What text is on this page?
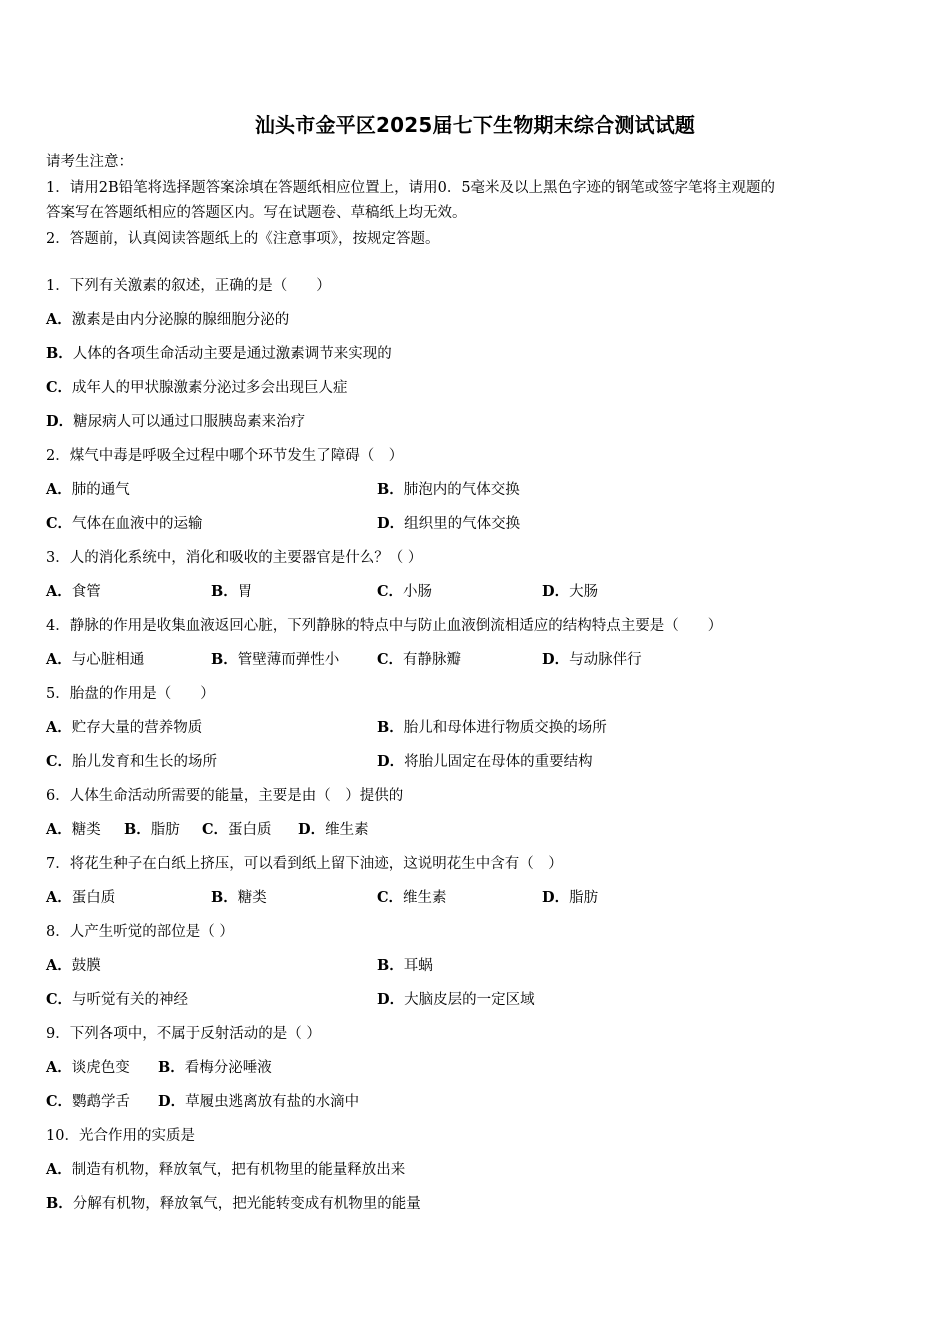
汕头市金平区2025届七下生物期末综合测试试题
请考生注意：
1．请用2B铅笔将选择题答案涂填在答题纸相应位置上，请用0．5毫米及以上黑色字迹的钢笔或签字笔将主观题的
答案写在答题纸相应的答题区内。写在试题卷、草稿纸上均无效。
2．答题前，认真阅读答题纸上的《注意事项》，按规定答题。
1．下列有关激素的叙述，正确的是（　　）
A．激素是由内分泌腺的腺细胞分泌的
B．人体的各项生命活动主要是通过激素调节来实现的
C．成年人的甲状腺激素分泌过多会出现巨人症
D．糖尿病人可以通过口服胰岛素来治疗
2．煤气中毒是呼吸全过程中哪个环节发生了障碍（　）
A．肺的通气	B．肺泡内的气体交换
C．气体在血液中的运输	D．组织里的气体交换
3．人的消化系统中，消化和吸收的主要器官是什么？（ ）
A．食管	B．胃	C．小肠	D．大肠
4．静脉的作用是收集血液返回心脏，下列静脉的特点中与防止血液倒流相适应的结构特点主要是（　　）
A．与心脏相通	B．管壁薄而弹性小	C．有静脉瓣	D．与动脉伴行
5．胎盘的作用是（　　）
A．贮存大量的营养物质	B．胎儿和母体进行物质交换的场所
C．胎儿发育和生长的场所	D．将胎儿固定在母体的重要结构
6．人体生命活动所需要的能量，主要是由（　）提供的
A．糖类 B．脂肪 C．蛋白质 D．维生素
7．将花生种子在白纸上挤压，可以看到纸上留下油迹，这说明花生中含有（　）
A．蛋白质	B．糖类	C．维生素	D．脂肪
8．人产生听觉的部位是（ ）
A．鼓膜	B．耳蜗
C．与听觉有关的神经	D．大脑皮层的一定区域
9．下列各项中，不属于反射活动的是（ ）
A．谈虎色变 B．看梅分泌唾液
C．鹦鹉学舌 D．草履虫逃离放有盐的水滴中
10．光合作用的实质是
A．制造有机物，释放氧气，把有机物里的能量释放出来
B．分解有机物，释放氧气，把光能转变成有机物里的能量
